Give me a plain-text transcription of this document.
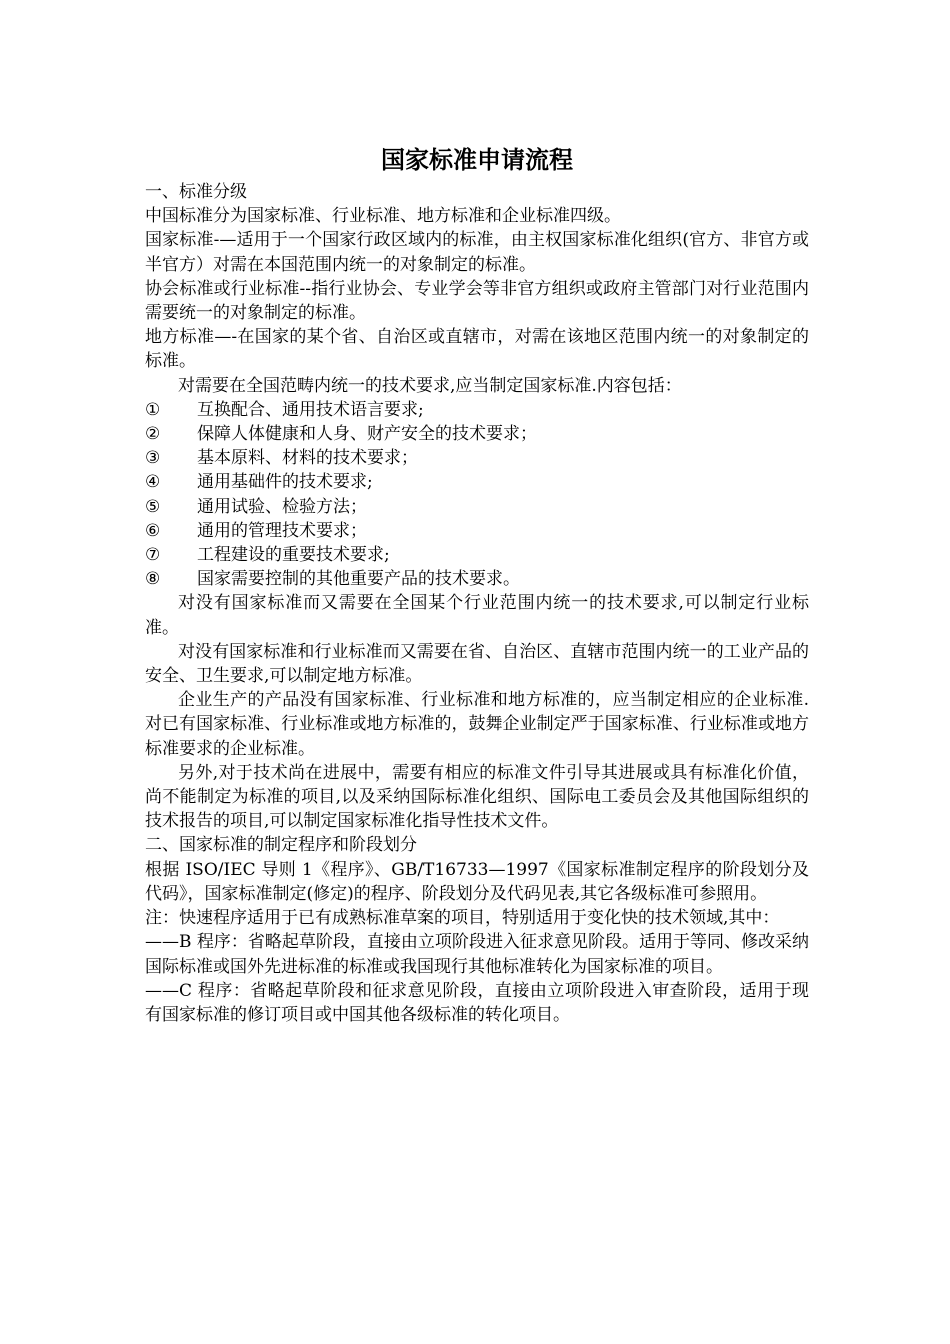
国家标准申请流程

一、标准分级

中国标准分为国家标准、行业标准、地方标准和企业标准四级。

国家标准-—适用于一个国家行政区域内的标准，由主权国家标准化组织(官方、非官方或半官方）对需在本国范围内统一的对象制定的标准。

协会标准或行业标准--指行业协会、专业学会等非官方组织或政府主管部门对行业范围内需要统一的对象制定的标准。

地方标准—-在国家的某个省、自治区或直辖市，对需在该地区范围内统一的对象制定的标准。

对需要在全国范畴内统一的技术要求,应当制定国家标准.内容包括：

①	互换配合、通用技术语言要求;
②	保障人体健康和人身、财产安全的技术要求；
③	基本原料、材料的技术要求；
④	通用基础件的技术要求;
⑤	通用试验、检验方法；
⑥	通用的管理技术要求；
⑦	工程建设的重要技术要求;
⑧	国家需要控制的其他重要产品的技术要求。

对没有国家标准而又需要在全国某个行业范围内统一的技术要求,可以制定行业标准。

对没有国家标准和行业标准而又需要在省、自治区、直辖市范围内统一的工业产品的安全、卫生要求,可以制定地方标准。

企业生产的产品没有国家标准、行业标准和地方标准的，应当制定相应的企业标准.对已有国家标准、行业标准或地方标准的，鼓舞企业制定严于国家标准、行业标准或地方标准要求的企业标准。

另外,对于技术尚在进展中，需要有相应的标准文件引导其进展或具有标准化价值，尚不能制定为标准的项目,以及采纳国际标准化组织、国际电工委员会及其他国际组织的技术报告的项目,可以制定国家标准化指导性技术文件。

二、国家标准的制定程序和阶段划分

根据 ISO/IEC 导则 1《程序》、GB/T16733—1997《国家标准制定程序的阶段划分及代码》，国家标准制定(修定)的程序、阶段划分及代码见表,其它各级标准可参照用。

注：快速程序适用于已有成熟标准草案的项目，特别适用于变化快的技术领域,其中：

——B 程序：省略起草阶段，直接由立项阶段进入征求意见阶段。适用于等同、修改采纳国际标准或国外先进标准的标准或我国现行其他标准转化为国家标准的项目。

——C 程序：省略起草阶段和征求意见阶段，直接由立项阶段进入审查阶段，适用于现有国家标准的修订项目或中国其他各级标准的转化项目。
